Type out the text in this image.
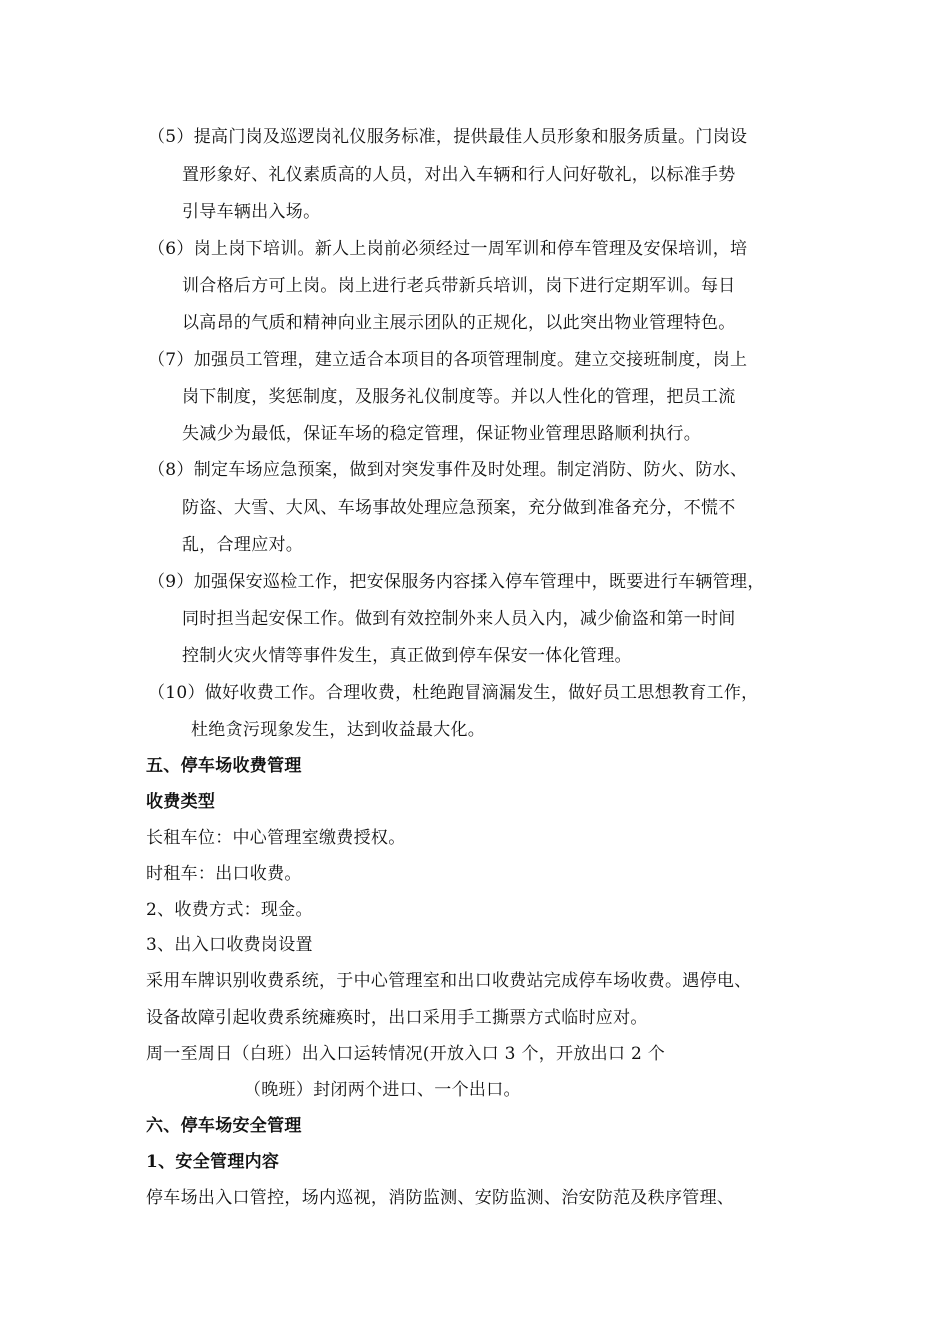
（5）提高门岗及巡逻岗礼仪服务标准，提供最佳人员形象和服务质量。门岗设
置形象好、礼仪素质高的人员，对出入车辆和行人问好敬礼，以标准手势
引导车辆出入场。
（6）岗上岗下培训。新人上岗前必须经过一周军训和停车管理及安保培训，培
训合格后方可上岗。岗上进行老兵带新兵培训，岗下进行定期军训。每日
以高昂的气质和精神向业主展示团队的正规化，以此突出物业管理特色。
（7）加强员工管理，建立适合本项目的各项管理制度。建立交接班制度，岗上
岗下制度，奖惩制度，及服务礼仪制度等。并以人性化的管理，把员工流
失减少为最低，保证车场的稳定管理，保证物业管理思路顺利执行。
（8）制定车场应急预案，做到对突发事件及时处理。制定消防、防火、防水、
防盗、大雪、大风、车场事故处理应急预案，充分做到准备充分，不慌不
乱，合理应对。
（9）加强保安巡检工作，把安保服务内容揉入停车管理中，既要进行车辆管理，
同时担当起安保工作。做到有效控制外来人员入内，减少偷盗和第一时间
控制火灾火情等事件发生，真正做到停车保安一体化管理。
（10）做好收费工作。合理收费，杜绝跑冒滴漏发生，做好员工思想教育工作，
杜绝贪污现象发生，达到收益最大化。
五、停车场收费管理
收费类型
长租车位：中心管理室缴费授权。
时租车：出口收费。
2、收费方式：现金。
3、出入口收费岗设置
采用车牌识别收费系统，于中心管理室和出口收费站完成停车场收费。遇停电、
设备故障引起收费系统瘫痪时，出口采用手工撕票方式临时应对。
周一至周日（白班）出入口运转情况(开放入口 3 个，开放出口 2 个
（晚班）封闭两个进口、一个出口。
六、停车场安全管理
1、安全管理内容
停车场出入口管控，场内巡视，消防监测、安防监测、治安防范及秩序管理、
